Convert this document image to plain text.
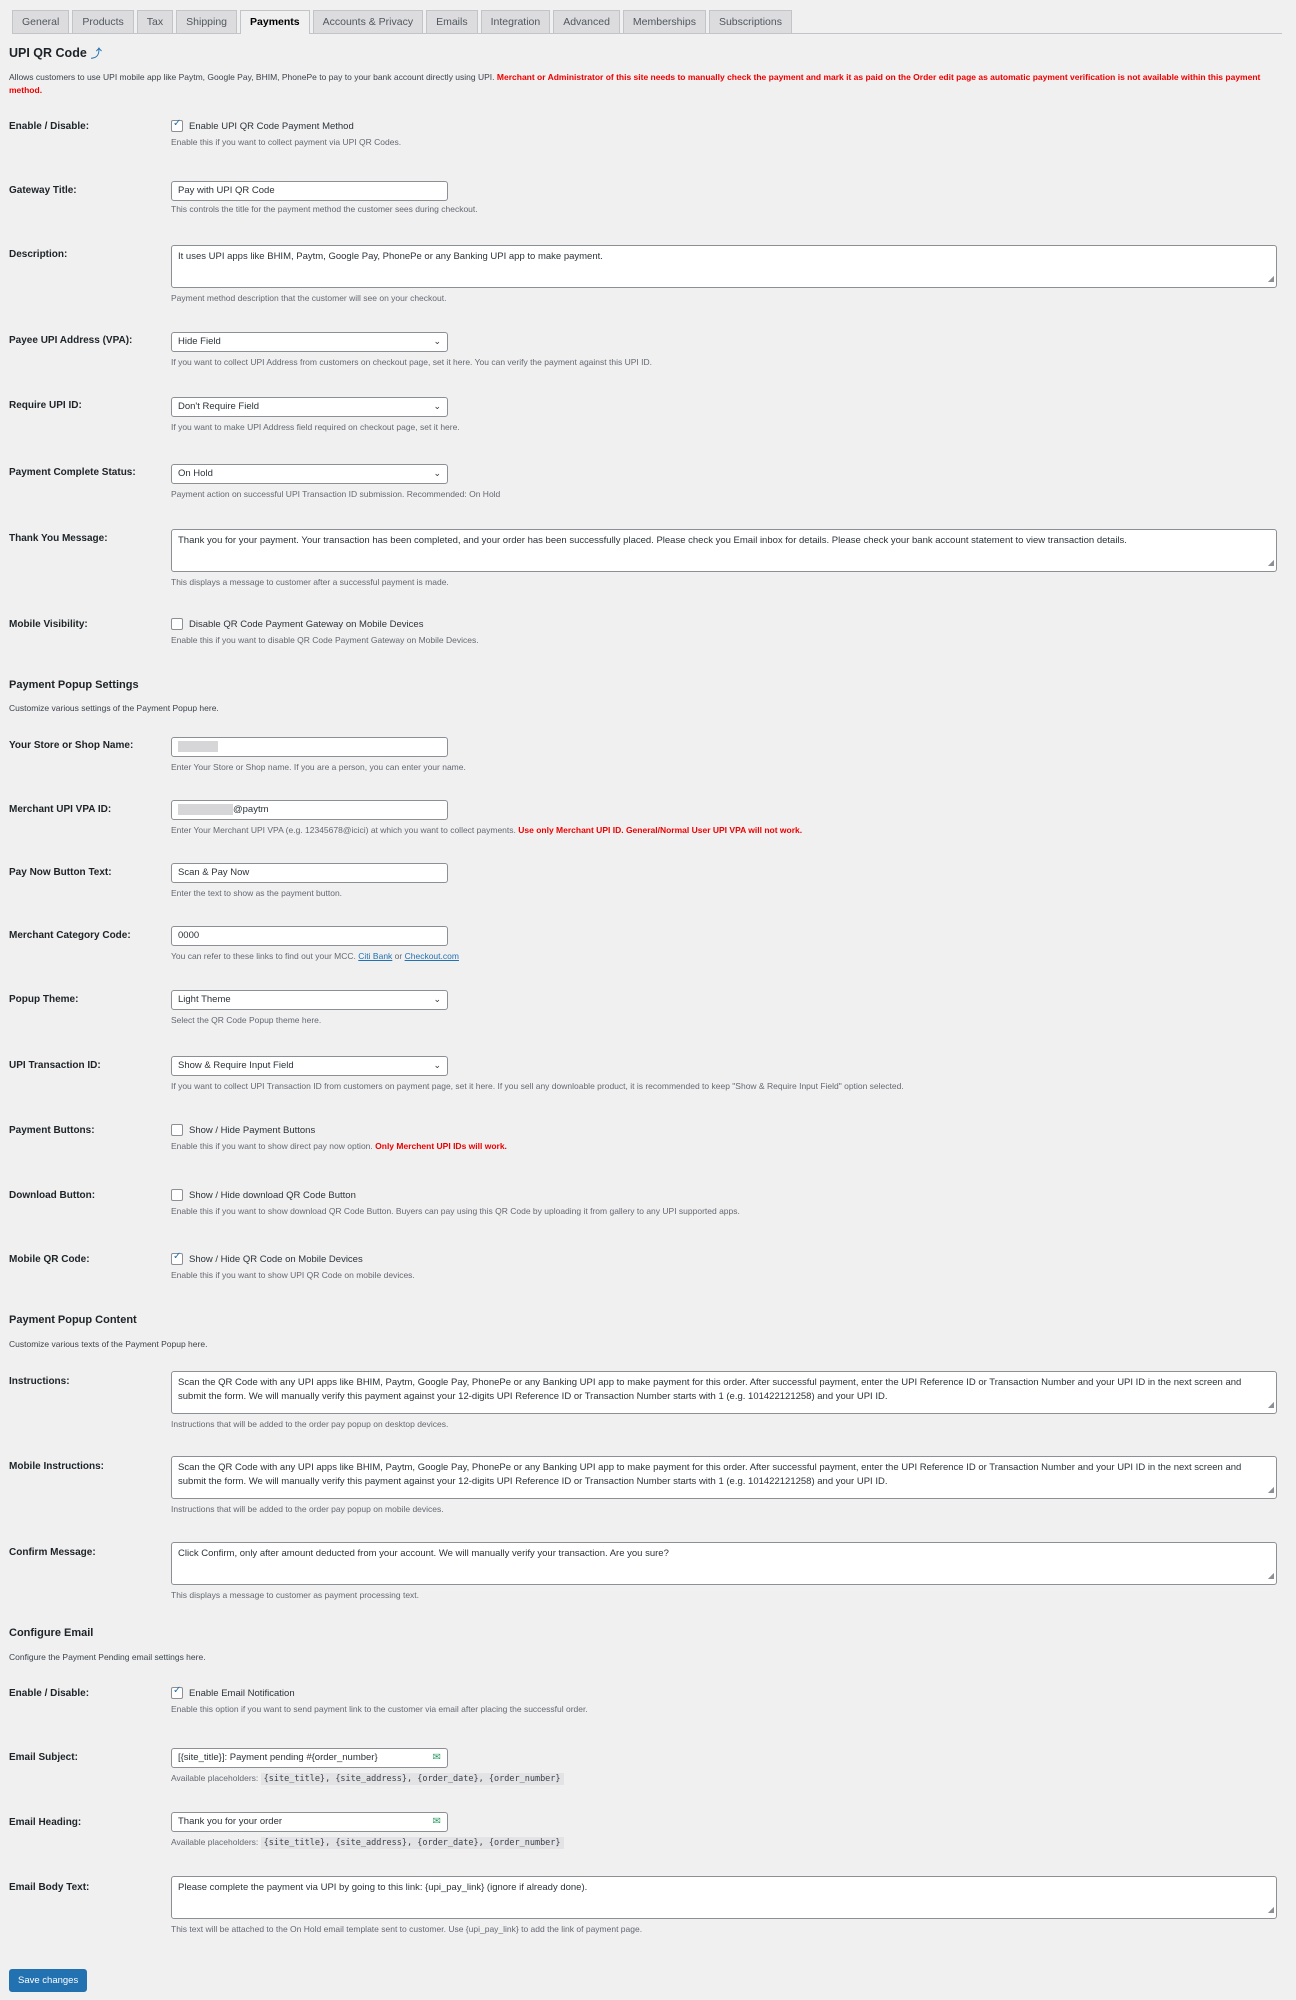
General	Products	Tax	Shipping	Payments	Accounts & Privacy	Emails	Integration	Advanced	Memberships	Subscriptions
UPI QR Code ⤴
Allows customers to use UPI mobile app like Paytm, Google Pay, BHIM, PhonePe to pay to your bank account directly using UPI. Merchant or Administrator of this site needs to manually check the payment and mark it as paid on the Order edit page as automatic payment verification is not available within this payment method.
Enable / Disable: ✓	Enable UPI QR Code Payment Method
Enable this if you want to collect payment via UPI QR Codes.
Gateway Title:	Pay with UPI QR Code
This controls the title for the payment method the customer sees during checkout.
Description:	It uses UPI apps like BHIM, Paytm, Google Pay, PhonePe or any Banking UPI app to make payment.
◢
Payment method description that the customer will see on your checkout.
Payee UPI Address (VPA):	Hide Field	⌄
If you want to collect UPI Address from customers on checkout page, set it here. You can verify the payment against this UPI ID.
Require UPI ID:	Don't Require Field	⌄
If you want to make UPI Address field required on checkout page, set it here.
Payment Complete Status:	On Hold	⌄
Payment action on successful UPI Transaction ID submission. Recommended: On Hold
Thank You Message:	Thank you for your payment. Your transaction has been completed, and your order has been successfully placed. Please check you Email inbox for details. Please check your bank account statement to view transaction details.
◢
This displays a message to customer after a successful payment is made.
Mobile Visibility:	Disable QR Code Payment Gateway on Mobile Devices
Enable this if you want to disable QR Code Payment Gateway on Mobile Devices.
Payment Popup Settings
Customize various settings of the Payment Popup here.
Your Store or Shop Name:
Enter Your Store or Shop name. If you are a person, you can enter your name.
Merchant UPI VPA ID:	@paytm
Enter Your Merchant UPI VPA (e.g. 12345678@icici) at which you want to collect payments. Use only Merchant UPI ID. General/Normal User UPI VPA will not work.
Pay Now Button Text:	Scan & Pay Now
Enter the text to show as the payment button.
Merchant Category Code:	0000
You can refer to these links to find out your MCC. Citi Bank or Checkout.com
Popup Theme:	Light Theme	⌄
Select the QR Code Popup theme here.
UPI Transaction ID:	Show & Require Input Field	⌄
If you want to collect UPI Transaction ID from customers on payment page, set it here. If you sell any downloable product, it is recommended to keep "Show & Require Input Field" option selected.
Payment Buttons:	Show / Hide Payment Buttons
Enable this if you want to show direct pay now option. Only Merchent UPI IDs will work.
Download Button:	Show / Hide download QR Code Button
Enable this if you want to show download QR Code Button. Buyers can pay using this QR Code by uploading it from gallery to any UPI supported apps.
Mobile QR Code: ✓	Show / Hide QR Code on Mobile Devices
Enable this if you want to show UPI QR Code on mobile devices.
Payment Popup Content
Customize various texts of the Payment Popup here.
Instructions:	Scan the QR Code with any UPI apps like BHIM, Paytm, Google Pay, PhonePe or any Banking UPI app to make payment for this order. After successful payment, enter the UPI Reference ID or Transaction Number and your UPI ID in the next screen and submit the form. We will manually verify this payment against your 12-digits UPI Reference ID or Transaction Number starts with 1 (e.g. 101422121258) and your UPI ID.
◢
Instructions that will be added to the order pay popup on desktop devices.
Mobile Instructions:	Scan the QR Code with any UPI apps like BHIM, Paytm, Google Pay, PhonePe or any Banking UPI app to make payment for this order. After successful payment, enter the UPI Reference ID or Transaction Number and your UPI ID in the next screen and submit the form. We will manually verify this payment against your 12-digits UPI Reference ID or Transaction Number starts with 1 (e.g. 101422121258) and your UPI ID.
◢
Instructions that will be added to the order pay popup on mobile devices.
Confirm Message:	Click Confirm, only after amount deducted from your account. We will manually verify your transaction. Are you sure?
◢
This displays a message to customer as payment processing text.
Configure Email
Configure the Payment Pending email settings here.
Enable / Disable: ✓	Enable Email Notification
Enable this option if you want to send payment link to the customer via email after placing the successful order.
Email Subject:	[{site_title}]: Payment pending #{order_number}	✉
Available placeholders: {site_title}, {site_address}, {order_date}, {order_number}
Email Heading:	Thank you for your order	✉
Available placeholders: {site_title}, {site_address}, {order_date}, {order_number}
Email Body Text:	Please complete the payment via UPI by going to this link: {upi_pay_link} (ignore if already done).
◢
This text will be attached to the On Hold email template sent to customer. Use {upi_pay_link} to add the link of payment page.
Save changes
